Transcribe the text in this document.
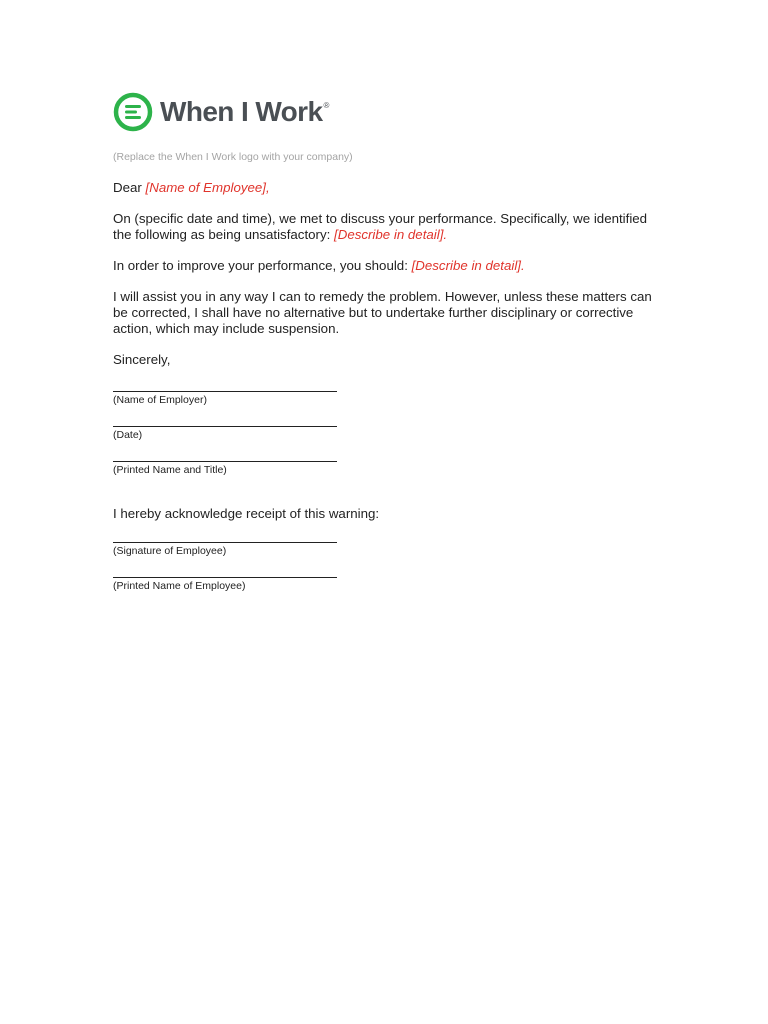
When I Work®
(Replace the When I Work logo with your company)

Dear [Name of Employee],

On (specific date and time), we met to discuss your performance. Specifically, we identified the following as being unsatisfactory: [Describe in detail].

In order to improve your performance, you should: [Describe in detail].

I will assist you in any way I can to remedy the problem. However, unless these matters can be corrected, I shall have no alternative but to undertake further disciplinary or corrective action, which may include suspension.

Sincerely,

(Name of Employer)
(Date)
(Printed Name and Title)

I hereby acknowledge receipt of this warning:

(Signature of Employee)
(Printed Name of Employee)
